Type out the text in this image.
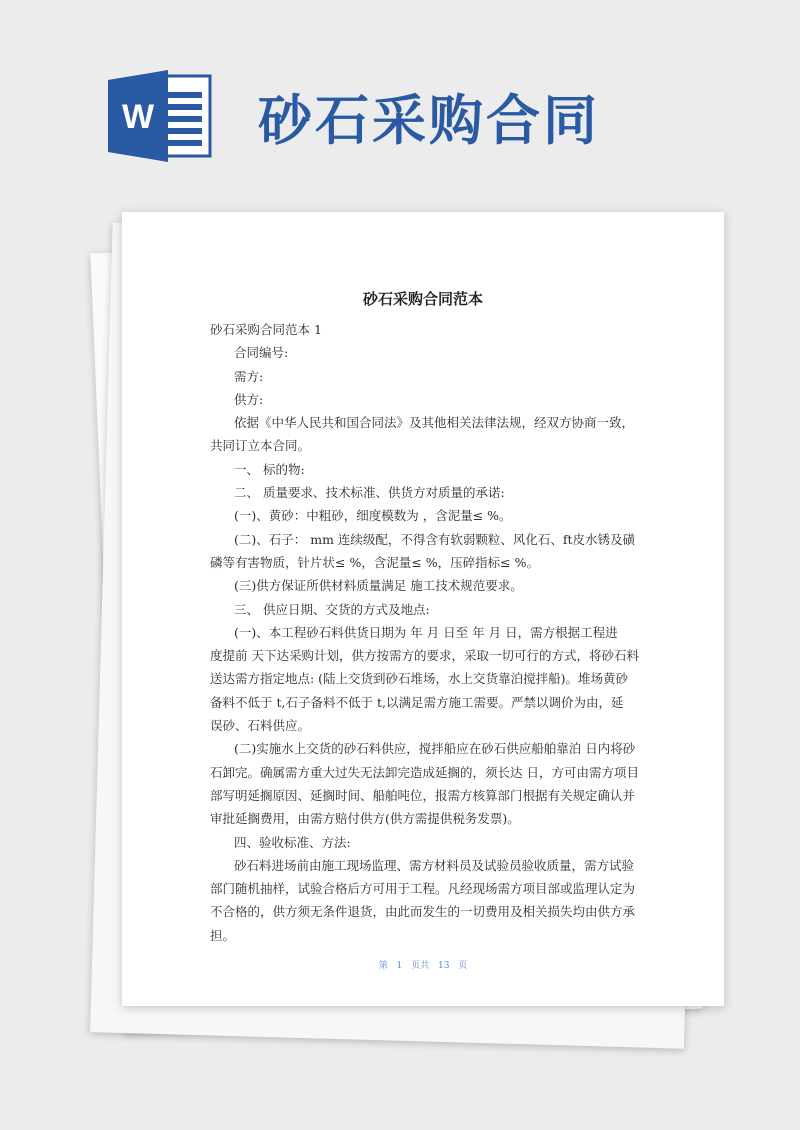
W 砂石采购合同
砂石采购合同范本
砂石采购合同范本 1
合同编号:
需方:
供方:
依据《中华人民共和国合同法》及其他相关法律法规，经双方协商一致，
共同订立本合同。
一、 标的物:
二、 质量要求、技术标准、供货方对质量的承诺:
(一)、黄砂：中粗砂，细度模数为 ，含泥量≤ %。
(二)、石子： mm 连续级配，不得含有软弱颗粒、风化石、ft皮水锈及磺
磷等有害物质，针片状≤ %，含泥量≤ %，压碎指标≤ %。
(三)供方保证所供材料质量满足 施工技术规范要求。
三、 供应日期、交货的方式及地点:
(一)、本工程砂石料供货日期为 年 月 日至 年 月 日，需方根据工程进
度提前 天下达采购计划，供方按需方的要求，采取一切可行的方式，将砂石料
送达需方指定地点: (陆上交货到砂石堆场，水上交货靠泊搅拌船)。堆场黄砂
备料不低于 t,石子备料不低于 t,以满足需方施工需要。严禁以调价为由，延
误砂、石料供应。
(二)实施水上交货的砂石料供应，搅拌船应在砂石供应船舶靠泊 日内将砂
石卸完。确属需方重大过失无法卸完造成延搁的，须长达 日，方可由需方项目
部写明延搁原因、延搁时间、船舶吨位，报需方核算部门根据有关规定确认并
审批延搁费用，由需方赔付供方(供方需提供税务发票)。
四、验收标准、方法:
砂石料进场前由施工现场监理、需方材料员及试验员验收质量，需方试验
部门随机抽样，试验合格后方可用于工程。凡经现场需方项目部或监理认定为
不合格的，供方须无条件退货，由此而发生的一切费用及相关损失均由供方承
担。
第 1 页共 13 页
